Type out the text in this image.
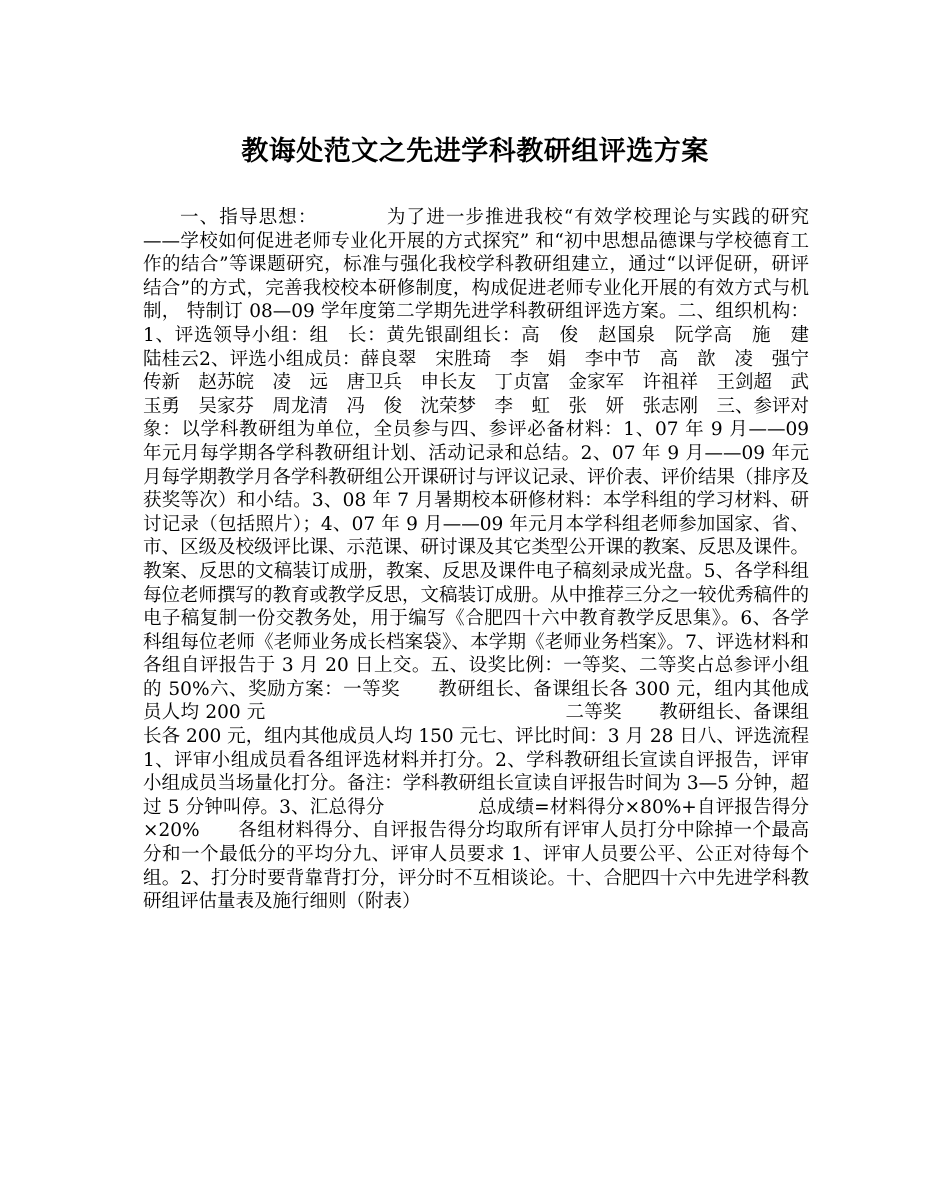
教诲处范文之先进学科教研组评选方案

一、指导思想：　　　　为了进一步推进我校“有效学校理论与实践的研究——学校如何促进老师专业化开展的方式探究” 和“初中思想品德课与学校德育工作的结合”等课题研究，标准与强化我校学科教研组建立，通过“以评促研，研评结合”的方式，完善我校校本研修制度，构成促进老师专业化开展的有效方式与机制， 特制订 08—09 学年度第二学期先进学科教研组评选方案。二、组织机构：1、评选领导小组：组　长：黄先银副组长：高　俊　赵国泉　阮学高　施　建　陆桂云2、评选小组成员：薛良翠　宋胜琦　李　娟　李中节　高　歆　凌　强宁传新　赵苏皖　凌　远　唐卫兵　申长友　丁贞富　金家军　许祖祥　王剑超　武玉勇　吴家芬　周龙清　冯　俊　沈荣梦　李　虹　张　妍　张志刚　三、参评对象：以学科教研组为单位，全员参与四、参评必备材料：1、07 年 9 月——09 年元月每学期各学科教研组计划、活动记录和总结。2、07 年 9 月——09 年元月每学期教学月各学科教研组公开课研讨与评议记录、评价表、评价结果（排序及获奖等次）和小结。3、08 年 7 月暑期校本研修材料：本学科组的学习材料、研讨记录（包括照片）；4、07 年 9 月——09 年元月本学科组老师参加国家、省、市、区级及校级评比课、示范课、研讨课及其它类型公开课的教案、反思及课件。教案、反思的文稿装订成册，教案、反思及课件电子稿刻录成光盘。5、各学科组每位老师撰写的教育或教学反思，文稿装订成册。从中推荐三分之一较优秀稿件的电子稿复制一份交教务处，用于编写《合肥四十六中教育教学反思集》。6、各学科组每位老师《老师业务成长档案袋》、本学期《老师业务档案》。7、评选材料和各组自评报告于 3 月 20 日上交。五、设奖比例：一等奖、二等奖占总参评小组的 50%六、奖励方案：一等奖　　教研组长、备课组长各 300 元，组内其他成员人均 200 元　　　　　　　　　　　　　　　　二等奖　　教研组长、备课组长各 200 元，组内其他成员人均 150 元七、评比时间：3 月 28 日八、评选流程 1、评审小组成员看各组评选材料并打分。2、学科教研组长宣读自评报告，评审小组成员当场量化打分。备注：学科教研组长宣读自评报告时间为 3—5 分钟，超过 5 分钟叫停。3、汇总得分　　　　　总成绩=材料得分×80%+自评报告得分×20%　　各组材料得分、自评报告得分均取所有评审人员打分中除掉一个最高分和一个最低分的平均分九、评审人员要求 1、评审人员要公平、公正对待每个组。2、打分时要背靠背打分，评分时不互相谈论。十、合肥四十六中先进学科教研组评估量表及施行细则（附表）
